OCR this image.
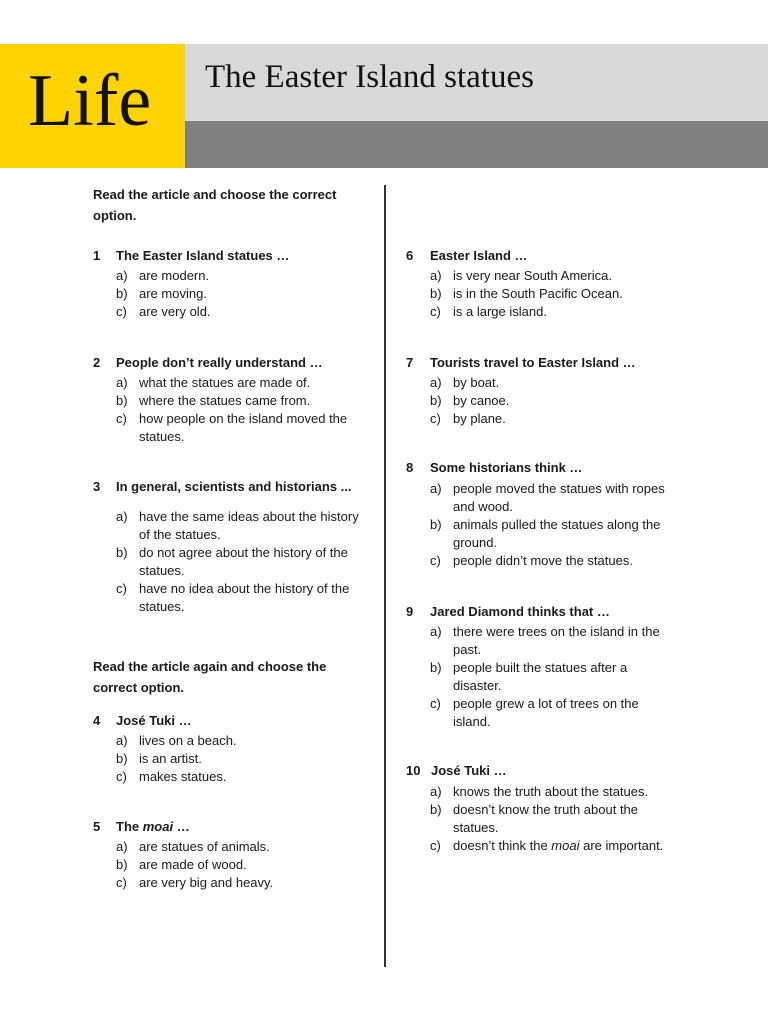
Life The Easter Island statues
Read the article and choose the correct option.
Read the article again and choose the correct option.
1 The Easter Island statues …
a) are modern.
b) are moving.
c) are very old.
2 People don’t really understand …
a) what the statues are made of.
b) where the statues came from.
c) how people on the island moved the statues.
3 In general, scientists and historians ...
a) have the same ideas about the history of the statues.
b) do not agree about the history of the statues.
c) have no idea about the history of the statues.
4 José Tuki …
a) lives on a beach.
b) is an artist.
c) makes statues.
5 The moai …
a) are statues of animals.
b) are made of wood.
c) are very big and heavy.
6 Easter Island …
a) is very near South America.
b) is in the South Pacific Ocean.
c) is a large island.
7 Tourists travel to Easter Island …
a) by boat.
b) by canoe.
c) by plane.
8 Some historians think …
a) people moved the statues with ropes and wood.
b) animals pulled the statues along the ground.
c) people didn’t move the statues.
9 Jared Diamond thinks that …
a) there were trees on the island in the past.
b) people built the statues after a disaster.
c) people grew a lot of trees on the island.
10 José Tuki …
a) knows the truth about the statues.
b) doesn’t know the truth about the statues.
c) doesn’t think the moai are important.
